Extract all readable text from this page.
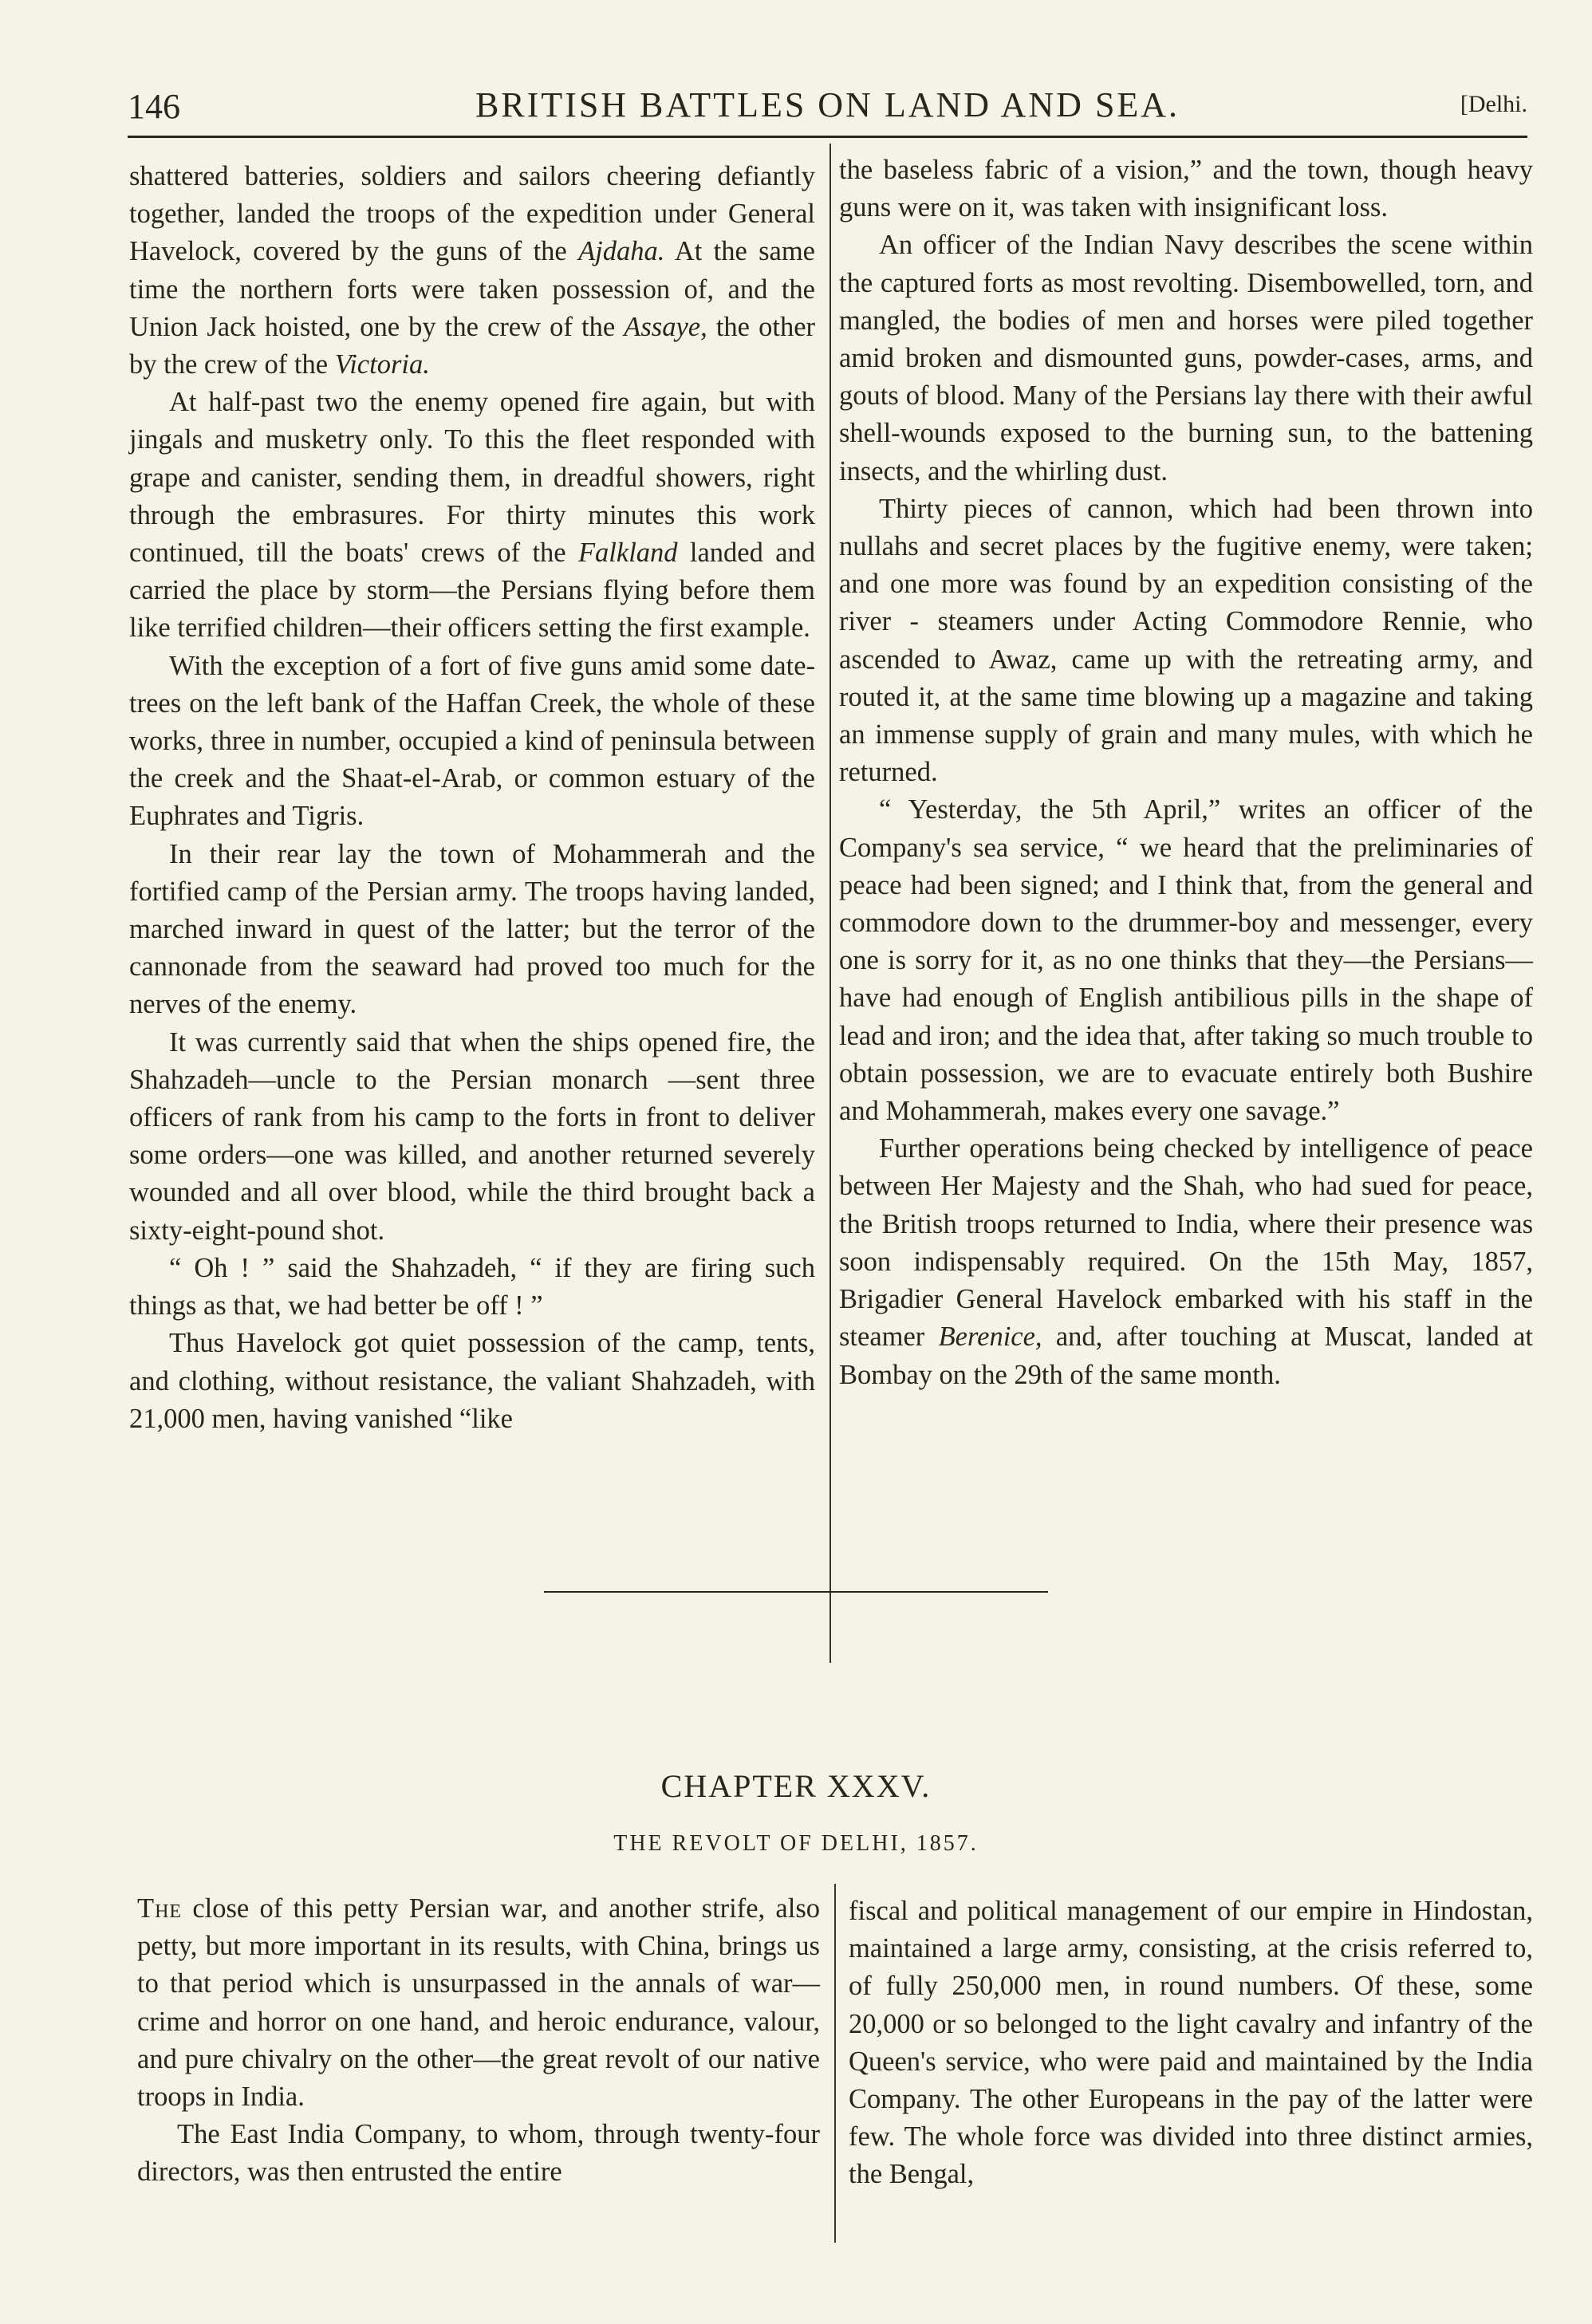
146	BRITISH BATTLES ON LAND AND SEA.	[Delhi.

shattered batteries, soldiers and sailors cheering defiantly together, landed the troops of the expedition under General Havelock, covered by the guns of the Ajdaha. At the same time the northern forts were taken possession of, and the Union Jack hoisted, one by the crew of the Assaye, the other by the crew of the Victoria.

At half-past two the enemy opened fire again, but with jingals and musketry only. To this the fleet responded with grape and canister, sending them, in dreadful showers, right through the embrasures. For thirty minutes this work continued, till the boats' crews of the Falkland landed and carried the place by storm—the Persians flying before them like terrified children—their officers setting the first example.

With the exception of a fort of five guns amid some date-trees on the left bank of the Haffan Creek, the whole of these works, three in number, occupied a kind of peninsula between the creek and the Shaat-el-Arab, or common estuary of the Euphrates and Tigris.

In their rear lay the town of Mohammerah and the fortified camp of the Persian army. The troops having landed, marched inward in quest of the latter; but the terror of the cannonade from the seaward had proved too much for the nerves of the enemy.

It was currently said that when the ships opened fire, the Shahzadeh—uncle to the Persian monarch —sent three officers of rank from his camp to the forts in front to deliver some orders—one was killed, and another returned severely wounded and all over blood, while the third brought back a sixty-eight-pound shot.

“ Oh ! ” said the Shahzadeh, “ if they are firing such things as that, we had better be off ! ”

Thus Havelock got quiet possession of the camp, tents, and clothing, without resistance, the valiant Shahzadeh, with 21,000 men, having vanished “like

the baseless fabric of a vision,” and the town, though heavy guns were on it, was taken with insignificant loss.

An officer of the Indian Navy describes the scene within the captured forts as most revolting. Disembowelled, torn, and mangled, the bodies of men and horses were piled together amid broken and dismounted guns, powder-cases, arms, and gouts of blood. Many of the Persians lay there with their awful shell-wounds exposed to the burning sun, to the battening insects, and the whirling dust.

Thirty pieces of cannon, which had been thrown into nullahs and secret places by the fugitive enemy, were taken; and one more was found by an expedition consisting of the river - steamers under Acting Commodore Rennie, who ascended to Awaz, came up with the retreating army, and routed it, at the same time blowing up a magazine and taking an immense supply of grain and many mules, with which he returned.

“ Yesterday, the 5th April,” writes an officer of the Company's sea service, “ we heard that the preliminaries of peace had been signed; and I think that, from the general and commodore down to the drummer-boy and messenger, every one is sorry for it, as no one thinks that they—the Persians—have had enough of English antibilious pills in the shape of lead and iron; and the idea that, after taking so much trouble to obtain possession, we are to evacuate entirely both Bushire and Mohammerah, makes every one savage.”

Further operations being checked by intelligence of peace between Her Majesty and the Shah, who had sued for peace, the British troops returned to India, where their presence was soon indispensably required. On the 15th May, 1857, Brigadier General Havelock embarked with his staff in the steamer Berenice, and, after touching at Muscat, landed at Bombay on the 29th of the same month.

CHAPTER XXXV.
THE REVOLT OF DELHI, 1857.

The close of this petty Persian war, and another strife, also petty, but more important in its results, with China, brings us to that period which is unsurpassed in the annals of war—crime and horror on one hand, and heroic endurance, valour, and pure chivalry on the other—the great revolt of our native troops in India.

The East India Company, to whom, through twenty-four directors, was then entrusted the entire

fiscal and political management of our empire in Hindostan, maintained a large army, consisting, at the crisis referred to, of fully 250,000 men, in round numbers. Of these, some 20,000 or so belonged to the light cavalry and infantry of the Queen's service, who were paid and maintained by the India Company. The other Europeans in the pay of the latter were few. The whole force was divided into three distinct armies, the Bengal,
